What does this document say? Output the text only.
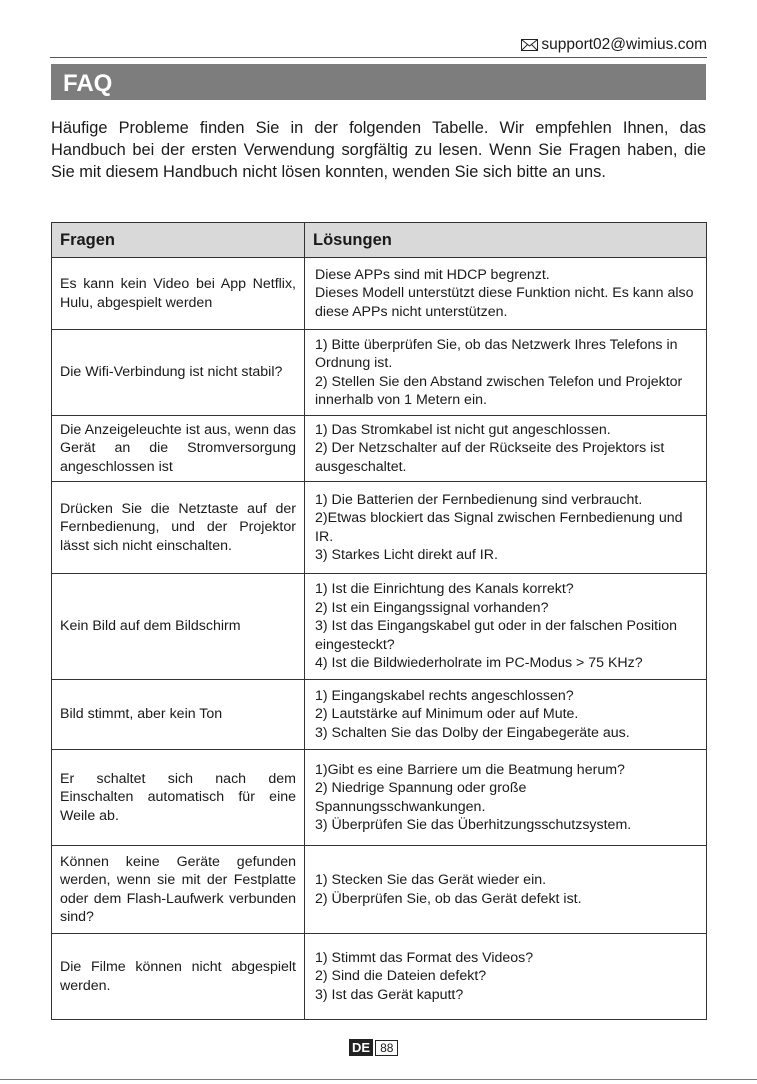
support02@wimius.com
FAQ

Häufige Probleme finden Sie in der folgenden Tabelle. Wir empfehlen Ihnen, das Handbuch bei der ersten Verwendung sorgfältig zu lesen. Wenn Sie Fragen haben, die Sie mit diesem Handbuch nicht lösen konnten, wenden Sie sich bitte an uns.

Fragen	Lösungen
Es kann kein Video bei App Netflix, Hulu, abgespielt werden	Diese APPs sind mit HDCP begrenzt.
Dieses Modell unterstützt diese Funktion nicht. Es kann also diese APPs nicht unterstützen.

Die Wifi-Verbindung ist nicht stabil?	1) Bitte überprüfen Sie, ob das Netzwerk Ihres Telefons in Ordnung ist.
2) Stellen Sie den Abstand zwischen Telefon und Projektor innerhalb von 1 Metern ein.

Die Anzeigeleuchte ist aus, wenn das Gerät an die Stromversorgung angeschlossen ist	1) Das Stromkabel ist nicht gut angeschlossen.
2) Der Netzschalter auf der Rückseite des Projektors ist ausgeschaltet.

Drücken Sie die Netztaste auf der Fernbedienung, und der Projektor lässt sich nicht einschalten.	1) Die Batterien der Fernbedienung sind verbraucht.
2)Etwas blockiert das Signal zwischen Fernbedienung und IR.
3) Starkes Licht direkt auf IR.

Kein Bild auf dem Bildschirm	1) Ist die Einrichtung des Kanals korrekt?
2) Ist ein Eingangssignal vorhanden?
3) Ist das Eingangskabel gut oder in der falschen Position eingesteckt?
4) Ist die Bildwiederholrate im PC-Modus > 75 KHz?

Bild stimmt, aber kein Ton	1) Eingangskabel rechts angeschlossen?
2) Lautstärke auf Minimum oder auf Mute.
3) Schalten Sie das Dolby der Eingabegeräte aus.

Er schaltet sich nach dem Einschalten automatisch für eine Weile ab.	1)Gibt es eine Barriere um die Beatmung herum?
2) Niedrige Spannung oder große Spannungsschwankungen.
3) Überprüfen Sie das Überhitzungsschutzsystem.

Können keine Geräte gefunden werden, wenn sie mit der Festplatte oder dem Flash-Laufwerk verbunden sind?	1) Stecken Sie das Gerät wieder ein.
2) Überprüfen Sie, ob das Gerät defekt ist.

Die Filme können nicht abgespielt werden.	1) Stimmt das Format des Videos?
2) Sind die Dateien defekt?
3) Ist das Gerät kaputt?
DE 88
